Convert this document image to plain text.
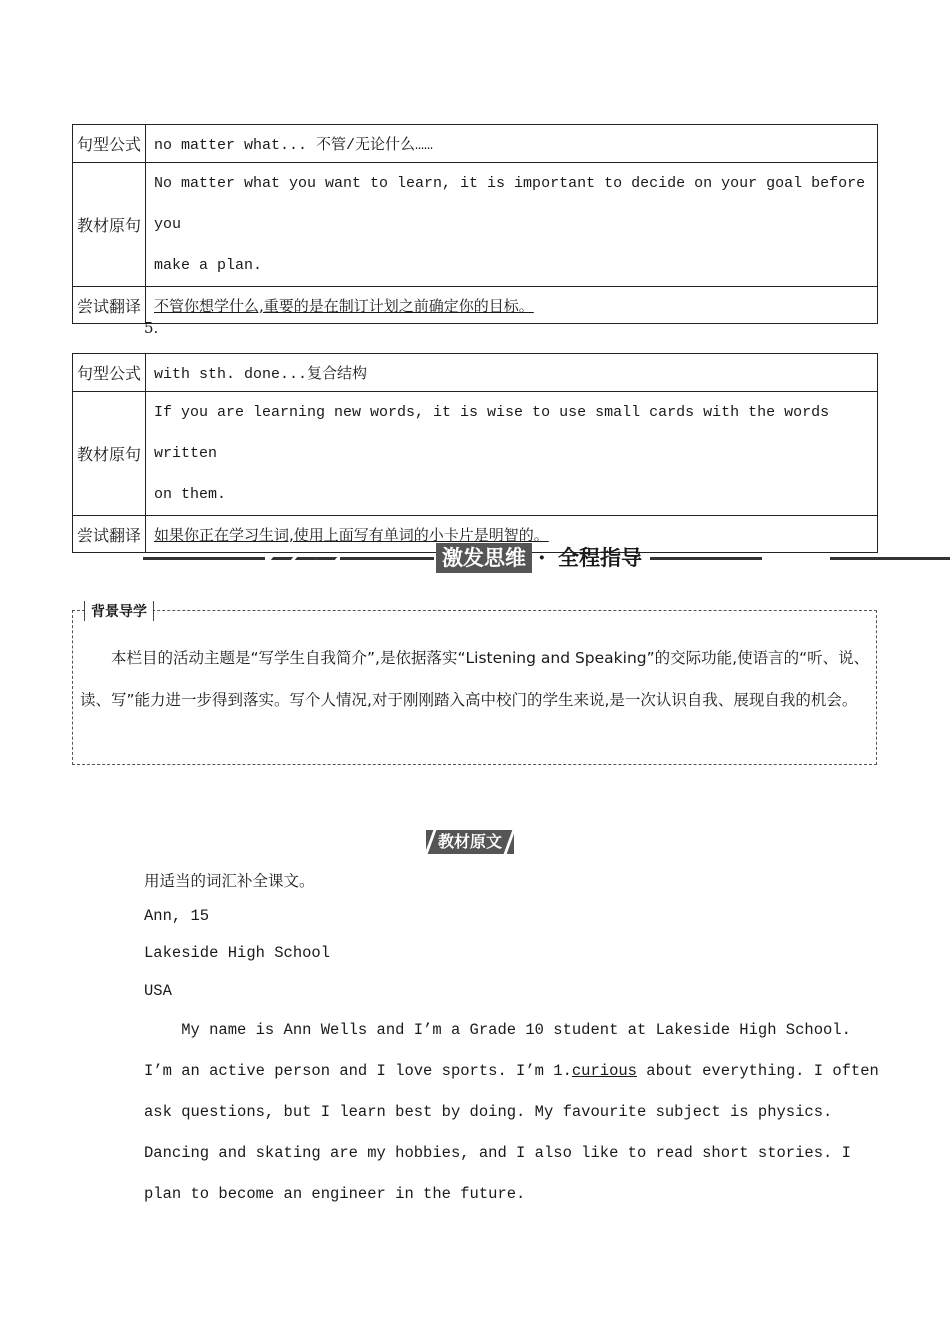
句型公式	no matter what... 不管/无论什么……
教材原句	No matter what you want to learn, it is important to decide on your goal before you
make a plan.

尝试翻译	不管你想学什么,重要的是在制订计划之前确定你的目标。
5.
句型公式	with sth. done...复合结构
教材原句	If you are learning new words, it is wise to use small cards with the words written
on them.

尝试翻译	如果你正在学习生词,使用上面写有单词的小卡片是明智的。
激发思维 · 全程指导
背景导学
本栏目的活动主题是“写学生自我简介”,是依据落实“Listening and Speaking”的交际功能,使语言的“听、说、读、写”能力进一步得到落实。写个人情况,对于刚刚踏入高中校门的学生来说,是一次认识自我、展现自我的机会。
教材原文
用适当的词汇补全课文。
Ann, 15
Lakeside High School
USA
My name is Ann Wells and I’m a Grade 10 student at Lakeside High School.
I’m an active person and I love sports. I’m 1.curious about everything. I often
ask questions, but I learn best by doing. My favourite subject is physics.
Dancing and skating are my hobbies, and I also like to read short stories. I
plan to become an engineer in the future.
